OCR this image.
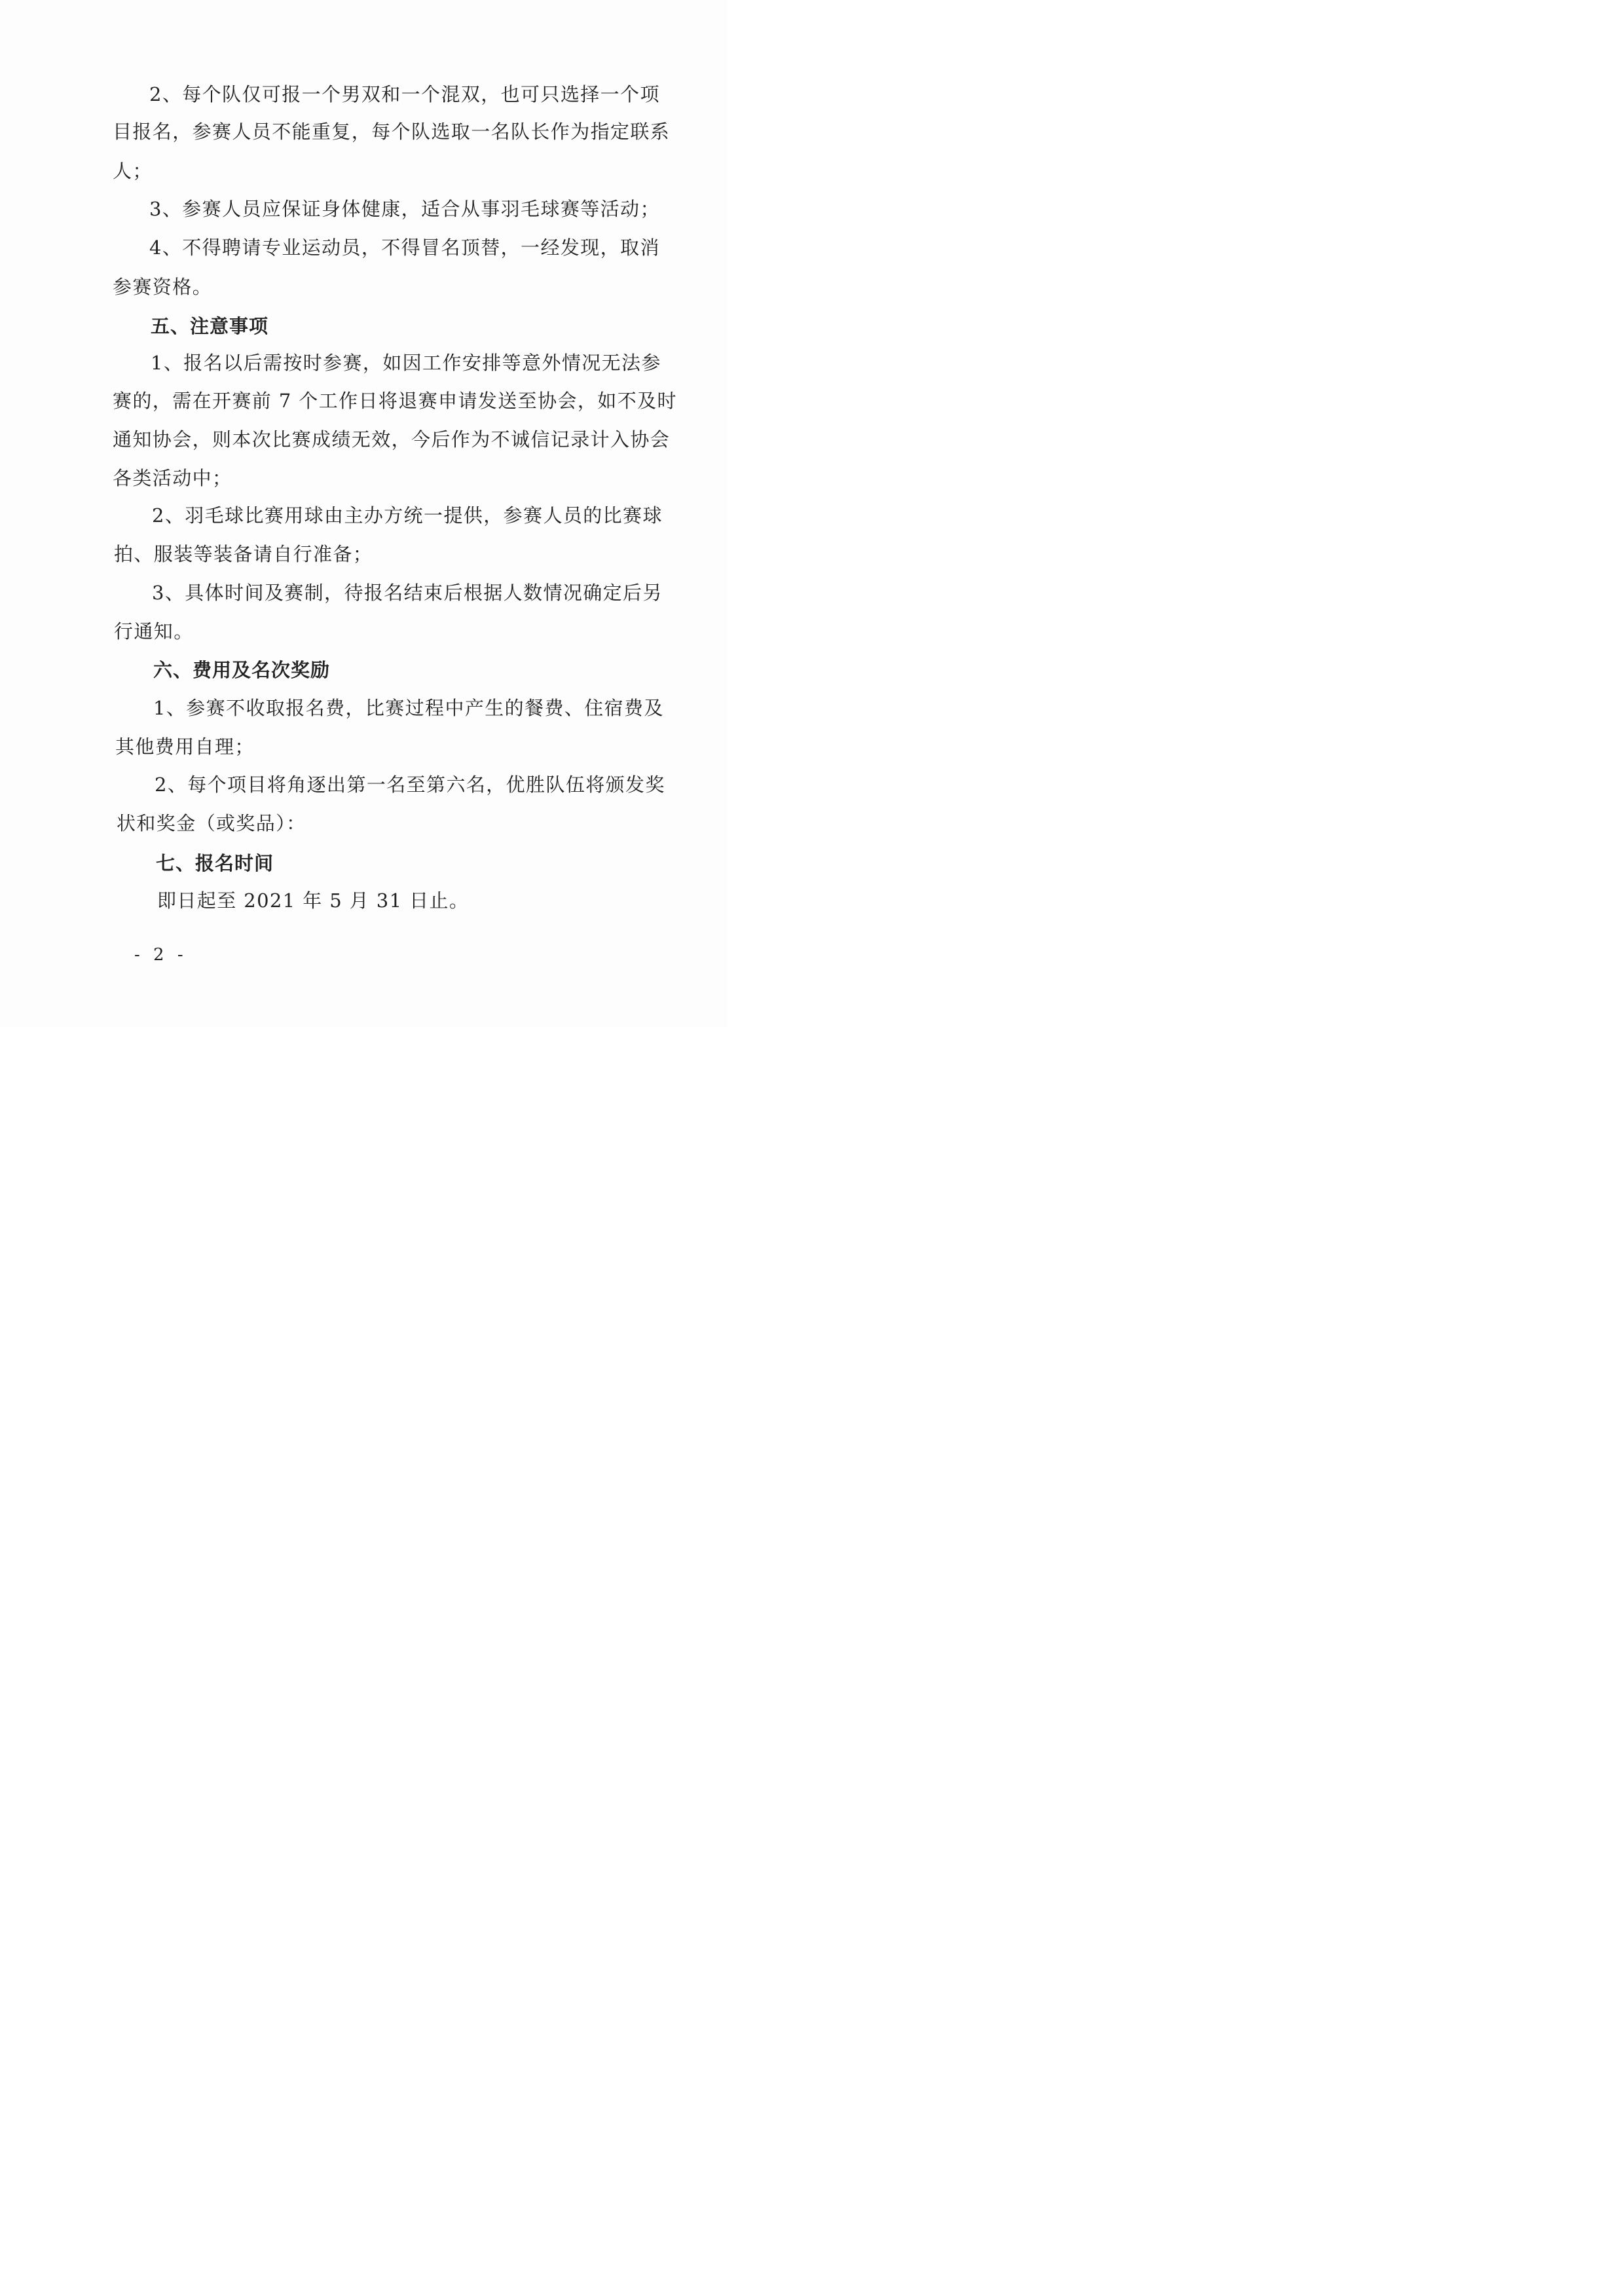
2、每个队仅可报一个男双和一个混双，也可只选择一个项
目报名，参赛人员不能重复，每个队选取一名队长作为指定联系
人；
3、参赛人员应保证身体健康，适合从事羽毛球赛等活动；
4、不得聘请专业运动员，不得冒名顶替，一经发现，取消
参赛资格。
五、注意事项
1、报名以后需按时参赛，如因工作安排等意外情况无法参
赛的，需在开赛前 7 个工作日将退赛申请发送至协会，如不及时
通知协会，则本次比赛成绩无效，今后作为不诚信记录计入协会
各类活动中；
2、羽毛球比赛用球由主办方统一提供，参赛人员的比赛球
拍、服装等装备请自行准备；
3、具体时间及赛制，待报名结束后根据人数情况确定后另
行通知。
六、费用及名次奖励
1、参赛不收取报名费，比赛过程中产生的餐费、住宿费及
其他费用自理；
2、每个项目将角逐出第一名至第六名，优胜队伍将颁发奖
状和奖金（或奖品）：
七、报名时间
即日起至 2021 年 5 月 31 日止。
- 2 -
